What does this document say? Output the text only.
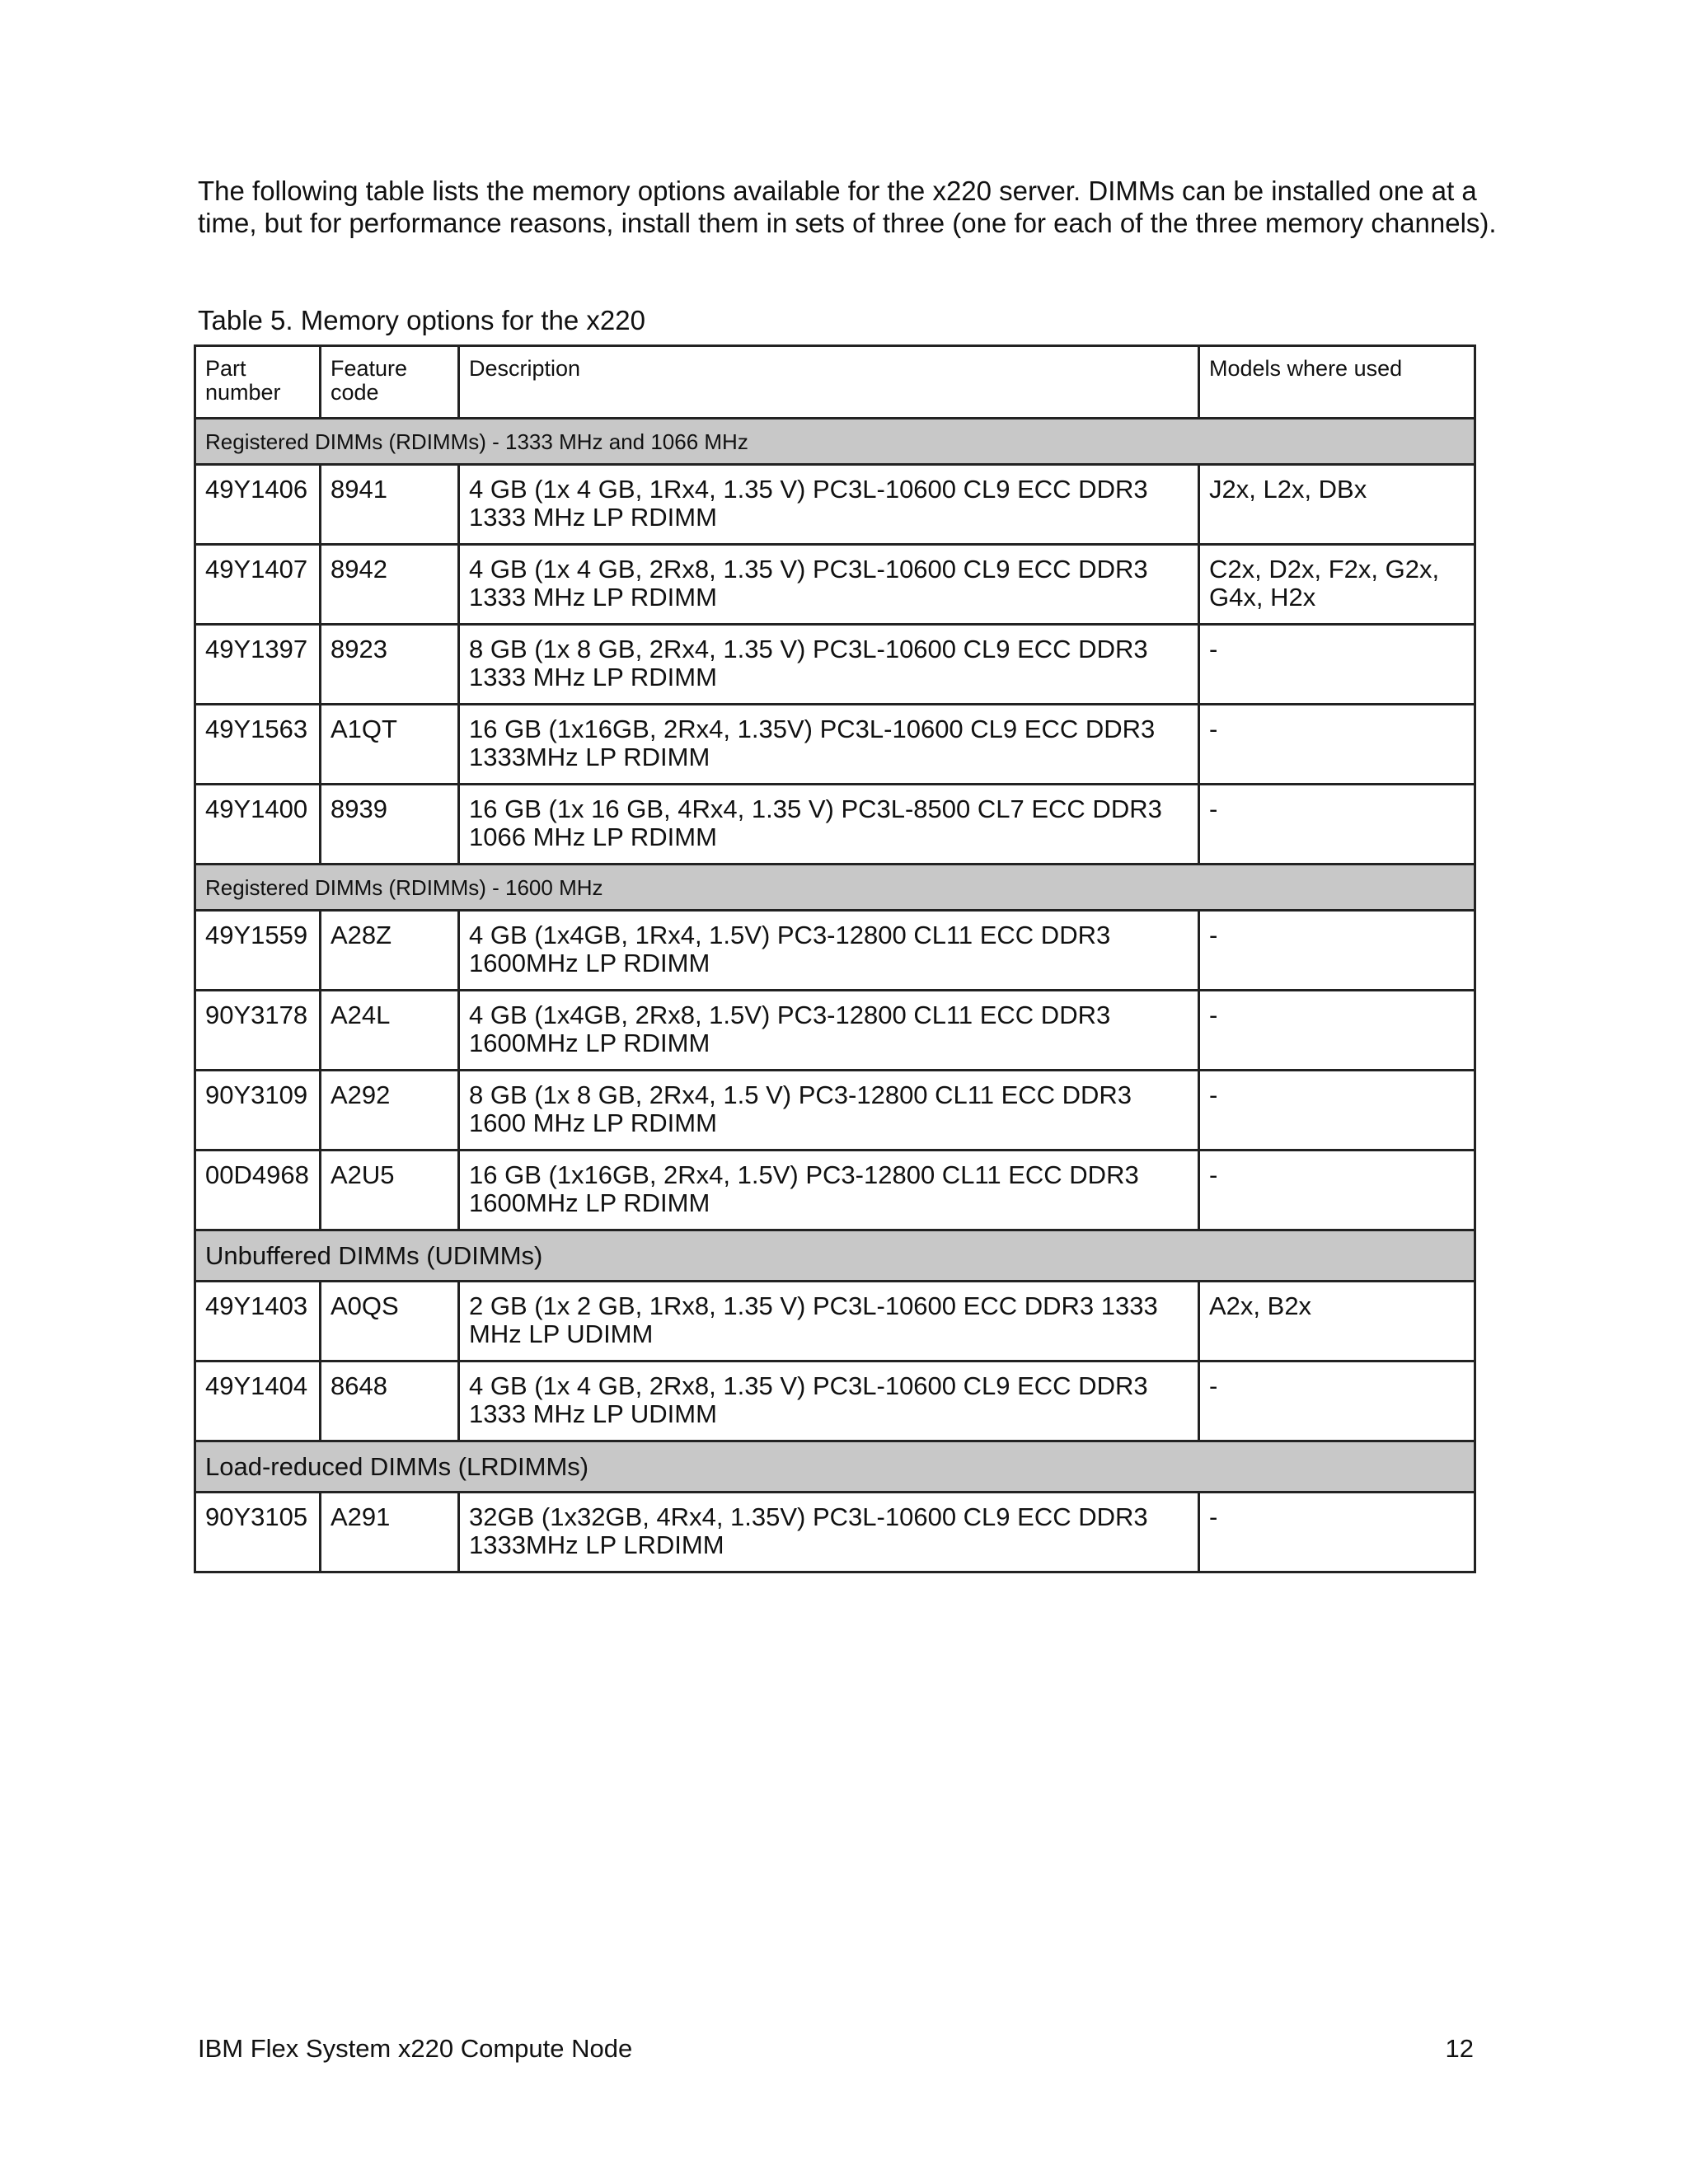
The following table lists the memory options available for the x220 server. DIMMs can be installed one at a time, but for performance reasons, install them in sets of three (one for each of the three memory channels).

Table 5. Memory options for the x220

Part number	Feature code	Description	Models where used
Registered DIMMs (RDIMMs) - 1333 MHz and 1066 MHz			
49Y1406	8941	4 GB (1x 4 GB, 1Rx4, 1.35 V) PC3L-10600 CL9 ECC DDR3 1333 MHz LP RDIMM	J2x, L2x, DBx
49Y1407	8942	4 GB (1x 4 GB, 2Rx8, 1.35 V) PC3L-10600 CL9 ECC DDR3 1333 MHz LP RDIMM	C2x, D2x, F2x, G2x, G4x, H2x
49Y1397	8923	8 GB (1x 8 GB, 2Rx4, 1.35 V) PC3L-10600 CL9 ECC DDR3 1333 MHz LP RDIMM	-
49Y1563	A1QT	16 GB (1x16GB, 2Rx4, 1.35V) PC3L-10600 CL9 ECC DDR3 1333MHz LP RDIMM	-
49Y1400	8939	16 GB (1x 16 GB, 4Rx4, 1.35 V) PC3L-8500 CL7 ECC DDR3 1066 MHz LP RDIMM	-
Registered DIMMs (RDIMMs) - 1600 MHz			
49Y1559	A28Z	4 GB (1x4GB, 1Rx4, 1.5V) PC3-12800 CL11 ECC DDR3 1600MHz LP RDIMM	-
90Y3178	A24L	4 GB (1x4GB, 2Rx8, 1.5V) PC3-12800 CL11 ECC DDR3 1600MHz LP RDIMM	-
90Y3109	A292	8 GB (1x 8 GB, 2Rx4, 1.5 V) PC3-12800 CL11 ECC DDR3 1600 MHz LP RDIMM	-
00D4968	A2U5	16 GB (1x16GB, 2Rx4, 1.5V) PC3-12800 CL11 ECC DDR3 1600MHz LP RDIMM	-
Unbuffered DIMMs (UDIMMs)			
49Y1403	A0QS	2 GB (1x 2 GB, 1Rx8, 1.35 V) PC3L-10600 ECC DDR3 1333 MHz LP UDIMM	A2x, B2x
49Y1404	8648	4 GB (1x 4 GB, 2Rx8, 1.35 V) PC3L-10600 CL9 ECC DDR3 1333 MHz LP UDIMM	-
Load-reduced DIMMs (LRDIMMs)			
90Y3105	A291	32GB (1x32GB, 4Rx4, 1.35V) PC3L-10600 CL9 ECC DDR3 1333MHz LP LRDIMM	-
IBM Flex System x220 Compute Node	12
